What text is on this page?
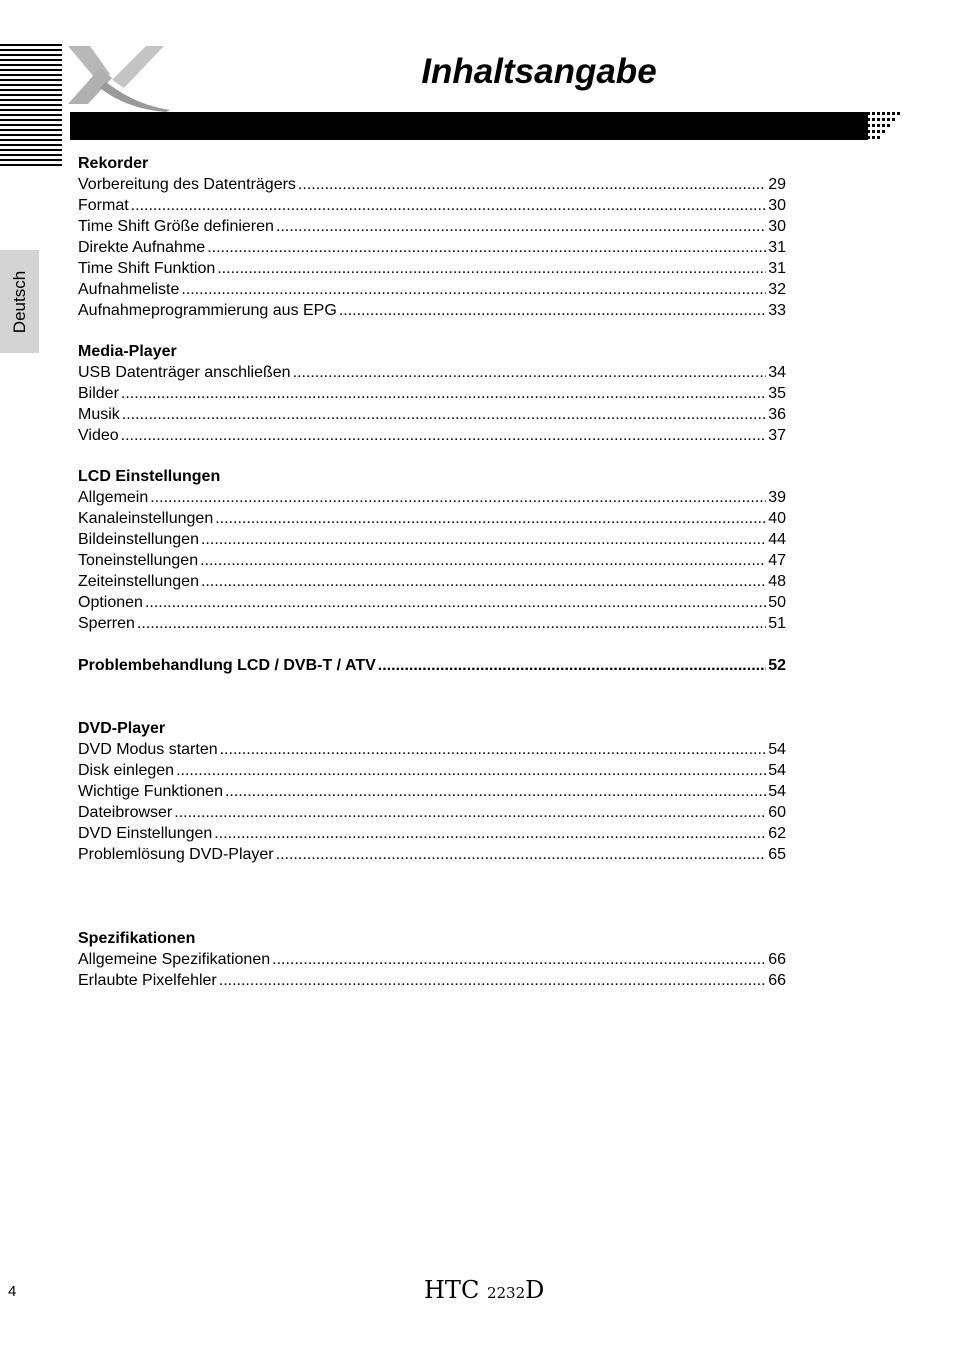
Inhaltsangabe
Deutsch
Rekorder
Vorbereitung des Datenträgers .....	29
Format .....	30
Time Shift Größe definieren .....	30
Direkte Aufnahme .....	31
Time Shift Funktion .....	31
Aufnahmeliste .....	32
Aufnahmeprogrammierung aus EPG .....	33
Media-Player
USB Datenträger anschließen .....	34
Bilder .....	35
Musik .....	36
Video .....	37
LCD Einstellungen
Allgemein .....	39
Kanaleinstellungen .....	40
Bildeinstellungen .....	44
Toneinstellungen .....	47
Zeiteinstellungen .....	48
Optionen .....	50
Sperren .....	51
Problembehandlung LCD / DVB-T / ATV .....	52
DVD-Player
DVD Modus starten .....	54
Disk einlegen .....	54
Wichtige Funktionen .....	54
Dateibrowser .....	60
DVD Einstellungen .....	62
Problemlösung DVD-Player .....	65
Spezifikationen
Allgemeine Spezifikationen .....	66
Erlaubte Pixelfehler .....	66
4	HTC 2232D
